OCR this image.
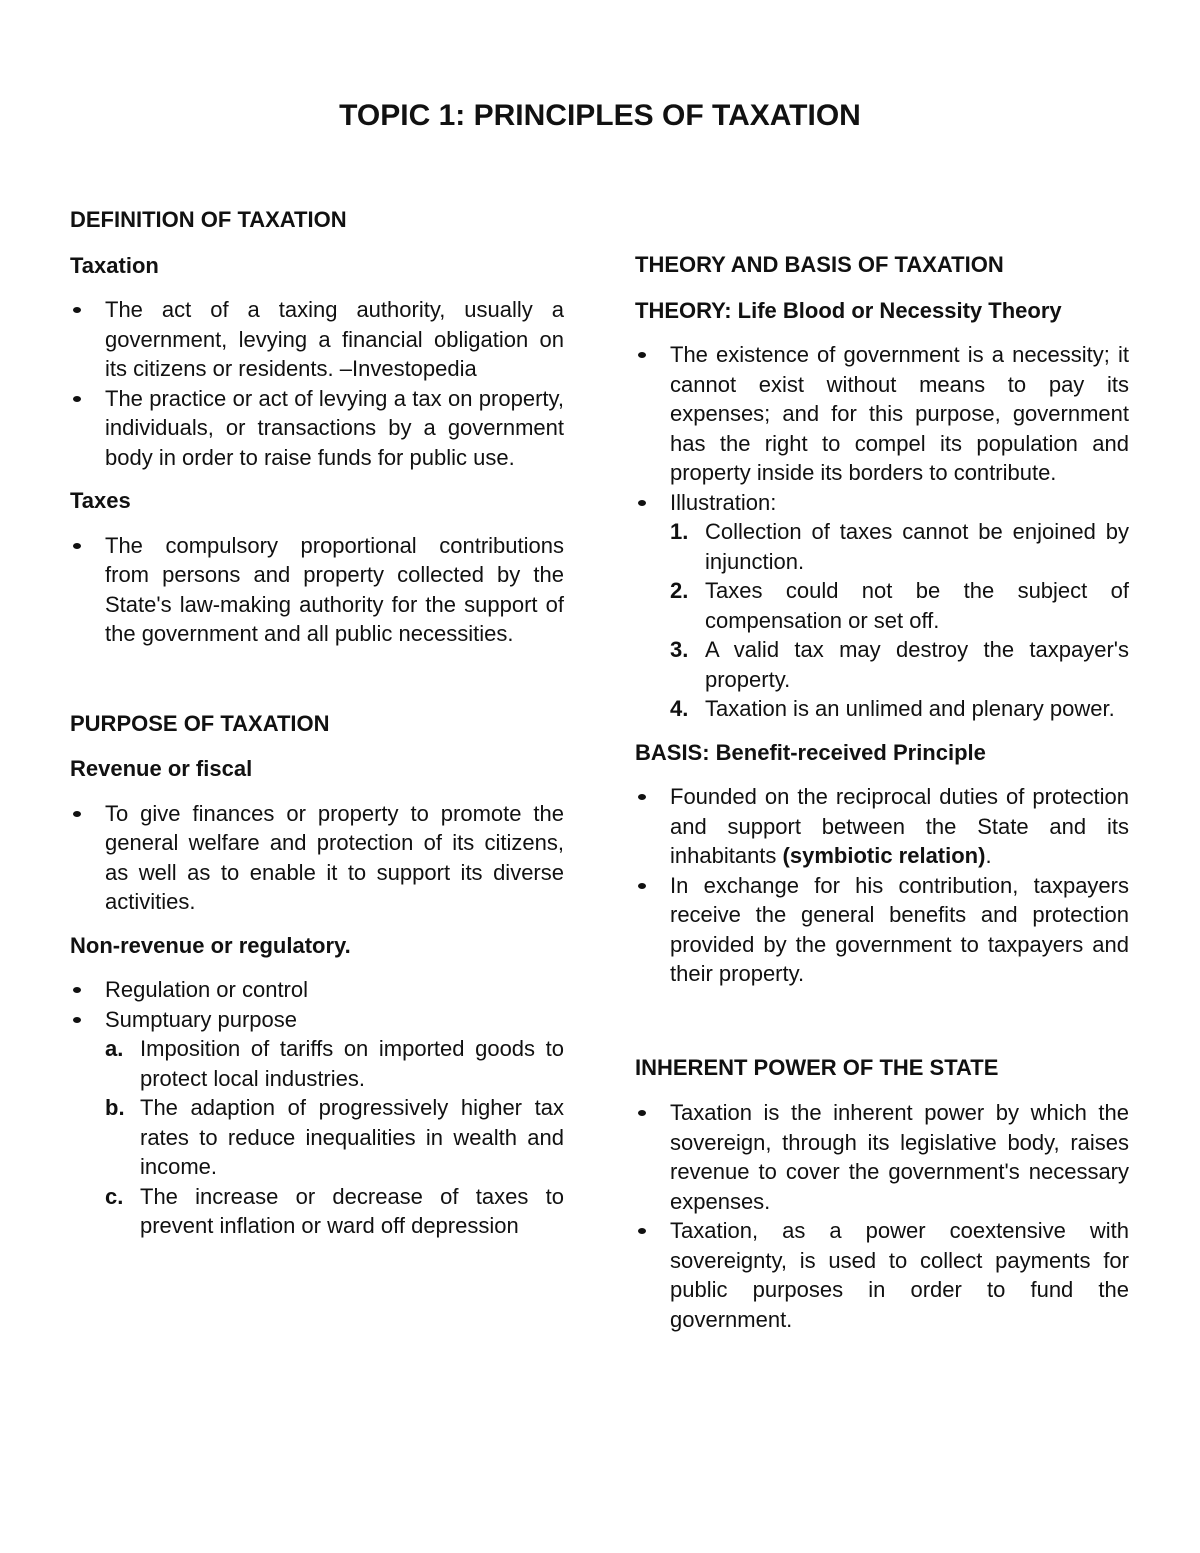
TOPIC 1: PRINCIPLES OF TAXATION
DEFINITION OF TAXATION
Taxation
The act of a taxing authority, usually a government, levying a financial obligation on its citizens or residents. –Investopedia
The practice or act of levying a tax on property, individuals, or transactions by a government body in order to raise funds for public use.
Taxes
The compulsory proportional contributions from persons and property collected by the State's law-making authority for the support of the government and all public necessities.
PURPOSE OF TAXATION
Revenue or fiscal
To give finances or property to promote the general welfare and protection of its citizens, as well as to enable it to support its diverse activities.
Non-revenue or regulatory.
Regulation or control
Sumptuary purpose
a. Imposition of tariffs on imported goods to protect local industries.
b. The adaption of progressively higher tax rates to reduce inequalities in wealth and income.
c. The increase or decrease of taxes to prevent inflation or ward off depression
THEORY AND BASIS OF TAXATION
THEORY: Life Blood or Necessity Theory
The existence of government is a necessity; it cannot exist without means to pay its expenses; and for this purpose, government has the right to compel its population and property inside its borders to contribute.
Illustration:
1. Collection of taxes cannot be enjoined by injunction.
2. Taxes could not be the subject of compensation or set off.
3. A valid tax may destroy the taxpayer's property.
4. Taxation is an unlimed and plenary power.
BASIS: Benefit-received Principle
Founded on the reciprocal duties of protection and support between the State and its inhabitants (symbiotic relation).
In exchange for his contribution, taxpayers receive the general benefits and protection provided by the government to taxpayers and their property.
INHERENT POWER OF THE STATE
Taxation is the inherent power by which the sovereign, through its legislative body, raises revenue to cover the government's necessary expenses.
Taxation, as a power coextensive with sovereignty, is used to collect payments for public purposes in order to fund the government.
